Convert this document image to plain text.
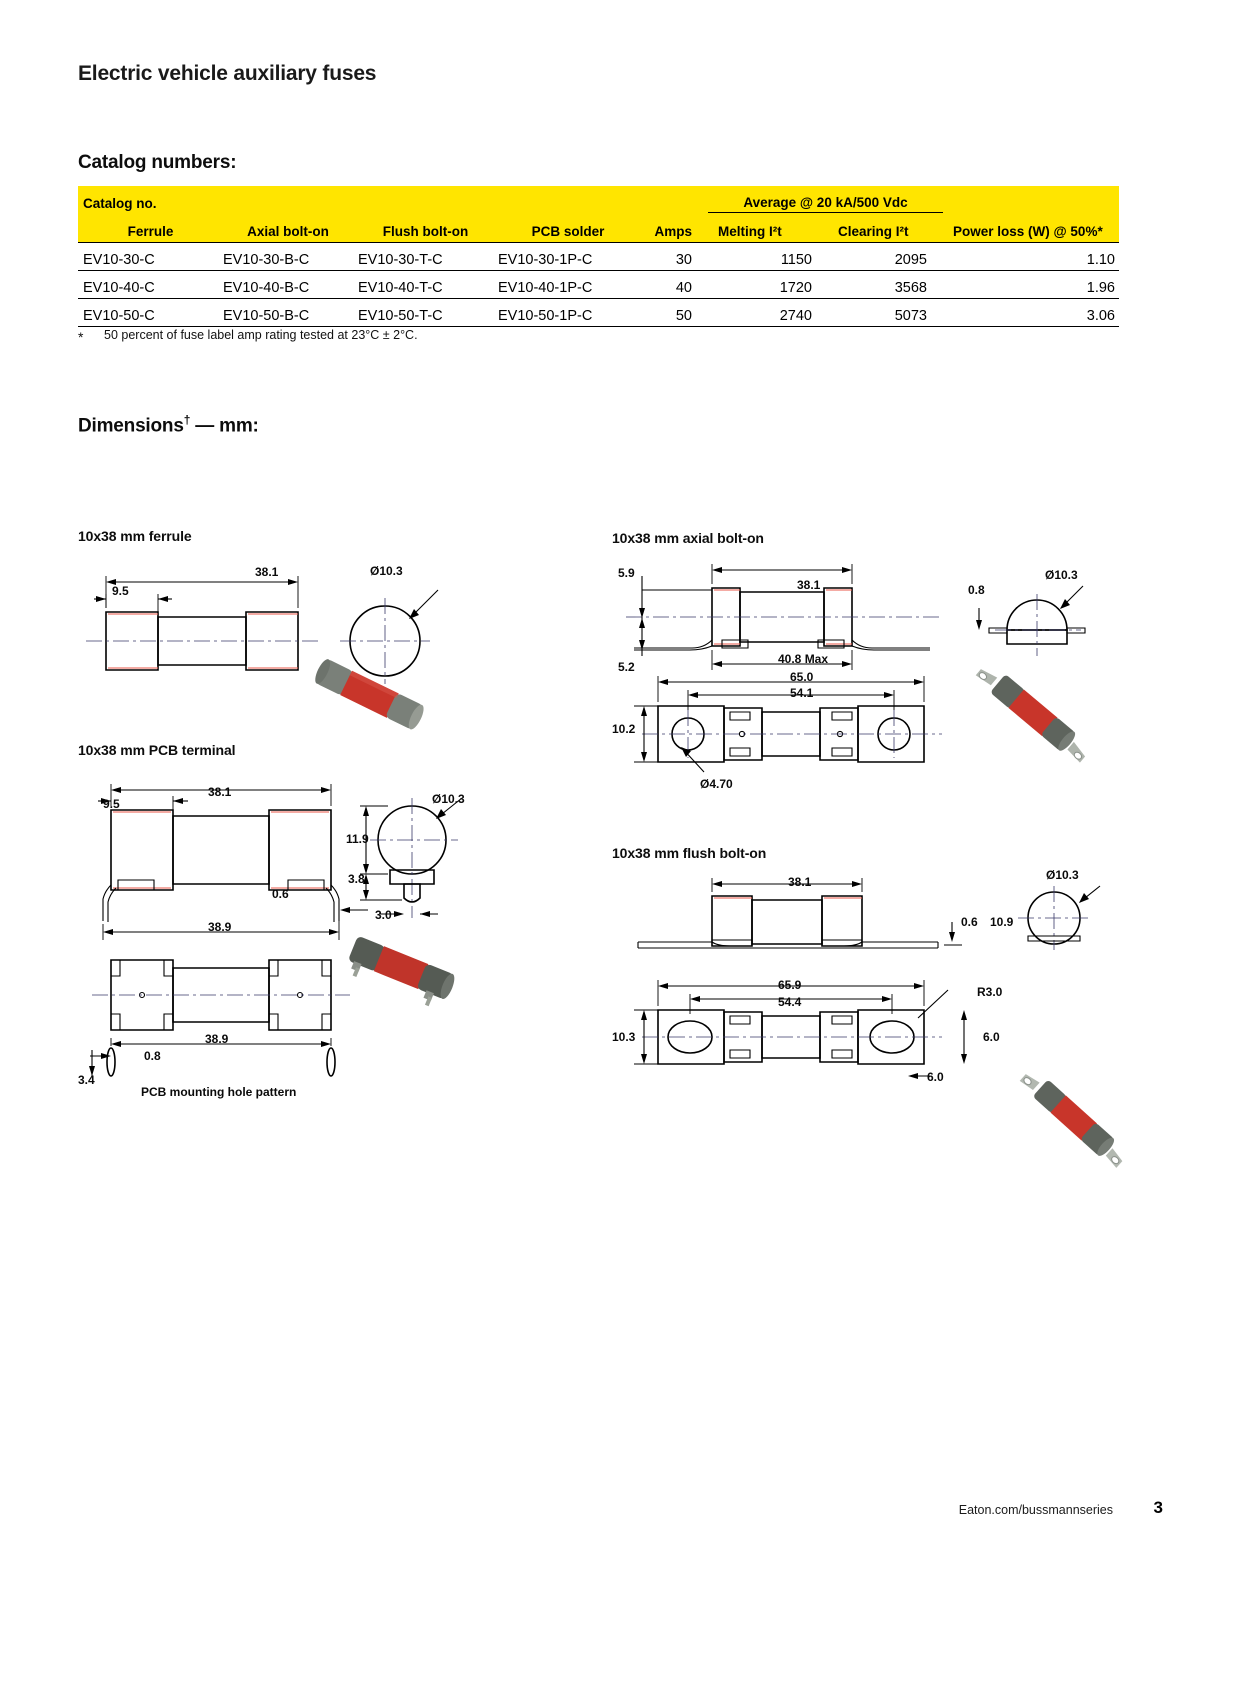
Electric vehicle auxiliary fuses
Catalog numbers:
Catalog no.					Average @ 20 kA/500 Vdc		
Ferrule	Axial bolt-on	Flush bolt-on	PCB solder	Amps	Melting I²t	Clearing I²t	Power loss (W) @ 50%*
EV10-30-C	EV10-30-B-C	EV10-30-T-C	EV10-30-1P-C	30	1150	2095	1.10
EV10-40-C	EV10-40-B-C	EV10-40-T-C	EV10-40-1P-C	40	1720	3568	1.96
EV10-50-C	EV10-50-B-C	EV10-50-T-C	EV10-50-1P-C	50	2740	5073	3.06
* 50 percent of fuse label amp rating tested at 23°C ± 2°C.
Dimensions† — mm:
10x38 mm ferrule
38.1
9.5
Ø10.3
10x38 mm PCB terminal
38.1
9.5
38.9
0.6
38.9
0.8
3.4
PCB mounting hole pattern
11.9
3.8
3.0
Ø10.3
10x38 mm axial bolt-on
5.9
5.2
38.1
40.8 Max
65.0
54.1
10.2
Ø4.70
0.8
Ø10.3
10x38 mm flush bolt-on
38.1
0.6 10.9
Ø10.3
65.9
54.4
10.3
R3.0
6.0
6.0
Eaton.com/bussmannseries 3
